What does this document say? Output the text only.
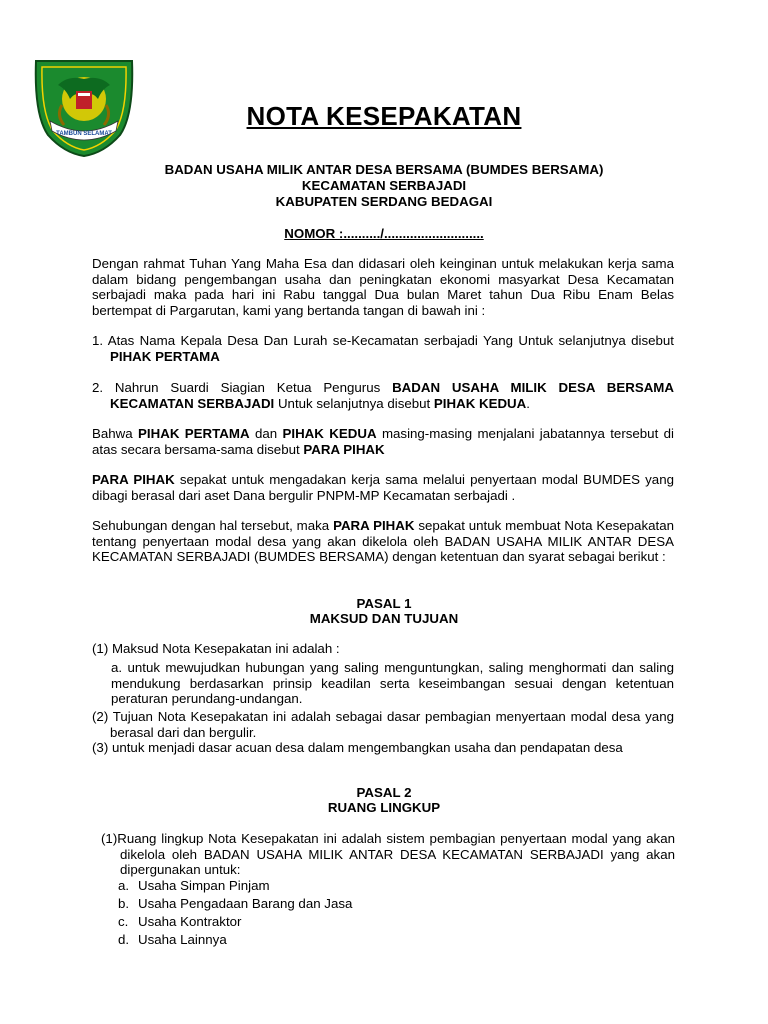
TAMBUN SELAMAT
NOTA KESEPAKATAN
BADAN USAHA MILIK ANTAR DESA BERSAMA (BUMDES BERSAMA)
KECAMATAN SERBAJADI
KABUPATEN SERDANG BEDAGAI
NOMOR :........../...........................
Dengan rahmat Tuhan Yang Maha Esa dan didasari oleh keinginan untuk melakukan kerja sama dalam bidang pengembangan usaha dan peningkatan ekonomi masyarkat Desa Kecamatan serbajadi maka pada hari ini Rabu tanggal Dua bulan Maret tahun Dua Ribu Enam Belas bertempat di Pargarutan, kami yang bertanda tangan di bawah ini :
1. Atas Nama Kepala Desa Dan Lurah se-Kecamatan serbajadi Yang Untuk selanjutnya disebut PIHAK PERTAMA
2. Nahrun Suardi Siagian Ketua Pengurus BADAN USAHA MILIK DESA BERSAMA KECAMATAN SERBAJADI Untuk selanjutnya disebut PIHAK KEDUA.
Bahwa PIHAK PERTAMA dan PIHAK KEDUA masing-masing menjalani jabatannya tersebut di atas secara bersama-sama disebut PARA PIHAK
PARA PIHAK sepakat untuk mengadakan kerja sama melalui penyertaan modal BUMDES yang dibagi berasal dari aset Dana bergulir PNPM-MP Kecamatan serbajadi .
Sehubungan dengan hal tersebut, maka PARA PIHAK sepakat untuk membuat Nota Kesepakatan tentang penyertaan modal desa yang akan dikelola oleh BADAN USAHA MILIK ANTAR DESA KECAMATAN SERBAJADI (BUMDES BERSAMA) dengan ketentuan dan syarat sebagai berikut :
PASAL 1
MAKSUD DAN TUJUAN
(1) Maksud Nota Kesepakatan ini adalah :
a. untuk mewujudkan hubungan yang saling menguntungkan, saling menghormati dan saling mendukung berdasarkan prinsip keadilan serta keseimbangan sesuai dengan ketentuan peraturan perundang-undangan.
(2) Tujuan Nota Kesepakatan ini adalah sebagai dasar pembagian menyertaan modal desa yang berasal dari dan bergulir.
(3) untuk menjadi dasar acuan desa dalam mengembangkan usaha dan pendapatan desa
PASAL 2
RUANG LINGKUP
(1)Ruang lingkup Nota Kesepakatan ini adalah sistem pembagian penyertaan modal yang akan dikelola oleh BADAN USAHA MILIK ANTAR DESA KECAMATAN SERBAJADI yang akan dipergunakan untuk:
a. Usaha Simpan Pinjam
b. Usaha Pengadaan Barang dan Jasa
c. Usaha Kontraktor
d. Usaha Lainnya
